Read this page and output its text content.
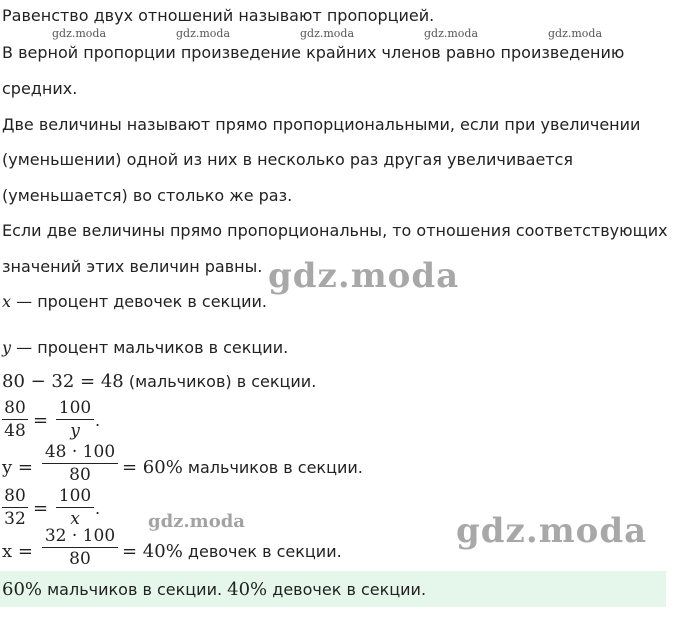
Равенство двух отношений называют пропорцией.
В верной пропорции произведение крайних членов равно произведению
средних.
Две величины называют прямо пропорциональными, если при увеличении
(уменьшении) одной из них в несколько раз другая увеличивается
(уменьшается) во столько же раз.
Если две величины прямо пропорциональны, то отношения соответствующих
значений этих величин равны.
gdz.moda	gdz.moda	gdz.moda	gdz.moda	gdz.moda
gdz.moda
gdz.moda
gdz.moda
x — процент девочек в секции.
y — процент мальчиков в секции.
80 − 32 = 48 (мальчиков) в секции.
80
48 =
100
y
.
y =
48 · 100
80	= 60% мальчиков в секции.
80
32 =
100
x
.
x =
32 · 100
80	= 40% девочек в секции.
60% мальчиков в секции. 40% девочек в секции.
